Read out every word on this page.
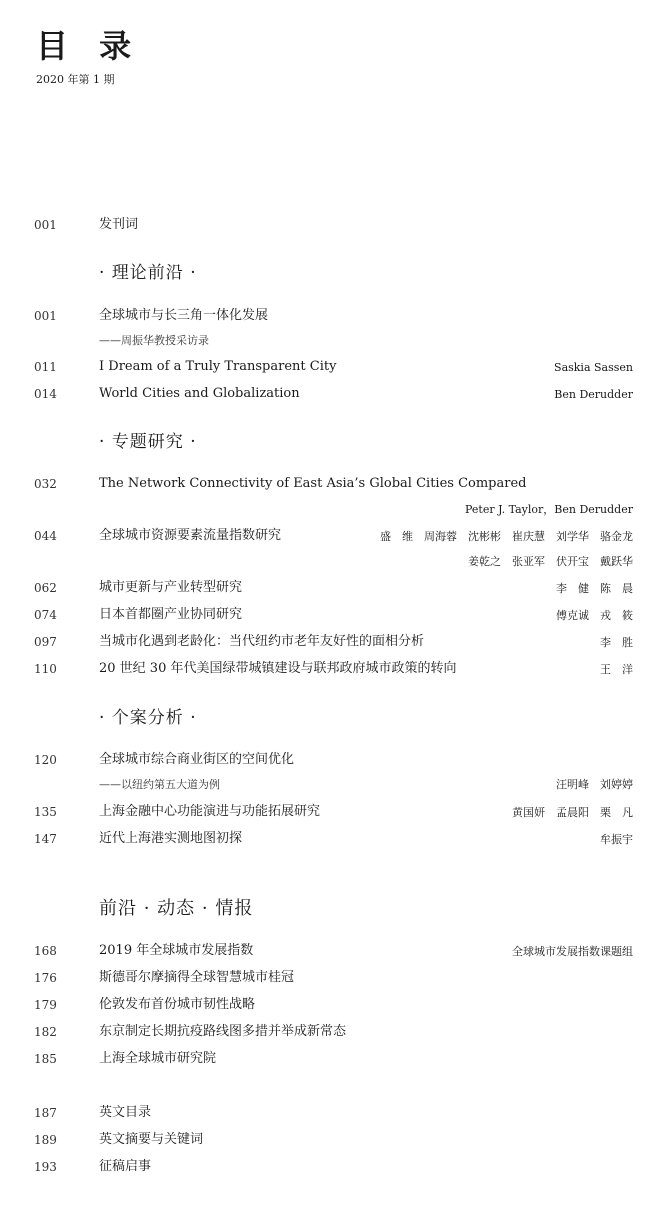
目 录
2020 年第 1 期
001	发刊词
· 理论前沿 ·
001	全球城市与长三角一体化发展
——周振华教授采访录
011	I Dream of a Truly Transparent City	Saskia Sassen
014	World Cities and Globalization	Ben Derudder
· 专题研究 ·
032	The Network Connectivity of East Asia’s Global Cities Compared
Peter J. Taylor，Ben Derudder
044	全球城市资源要素流量指数研究	盛　维　周海蓉　沈彬彬　崔庆慧　刘学华　骆金龙
姜乾之　张亚军　伏开宝　戴跃华
062	城市更新与产业转型研究	李　健　陈　晨
074	日本首都圈产业协同研究	傅克诚　戎　筱
097	当城市化遇到老龄化：当代纽约市老年友好性的面相分析	李　胜
110	20 世纪 30 年代美国绿带城镇建设与联邦政府城市政策的转向	王　洋
· 个案分析 ·
120	全球城市综合商业街区的空间优化
——以纽约第五大道为例	汪明峰　刘婷婷
135	上海金融中心功能演进与功能拓展研究	黄国妍　孟晨阳　栗　凡
147	近代上海港实测地图初探	牟振宇
前沿 · 动态 · 情报
168	2019 年全球城市发展指数	全球城市发展指数课题组
176	斯德哥尔摩摘得全球智慧城市桂冠
179	伦敦发布首份城市韧性战略
182	东京制定长期抗疫路线图多措并举成新常态
185	上海全球城市研究院
187	英文目录
189	英文摘要与关键词
193	征稿启事
